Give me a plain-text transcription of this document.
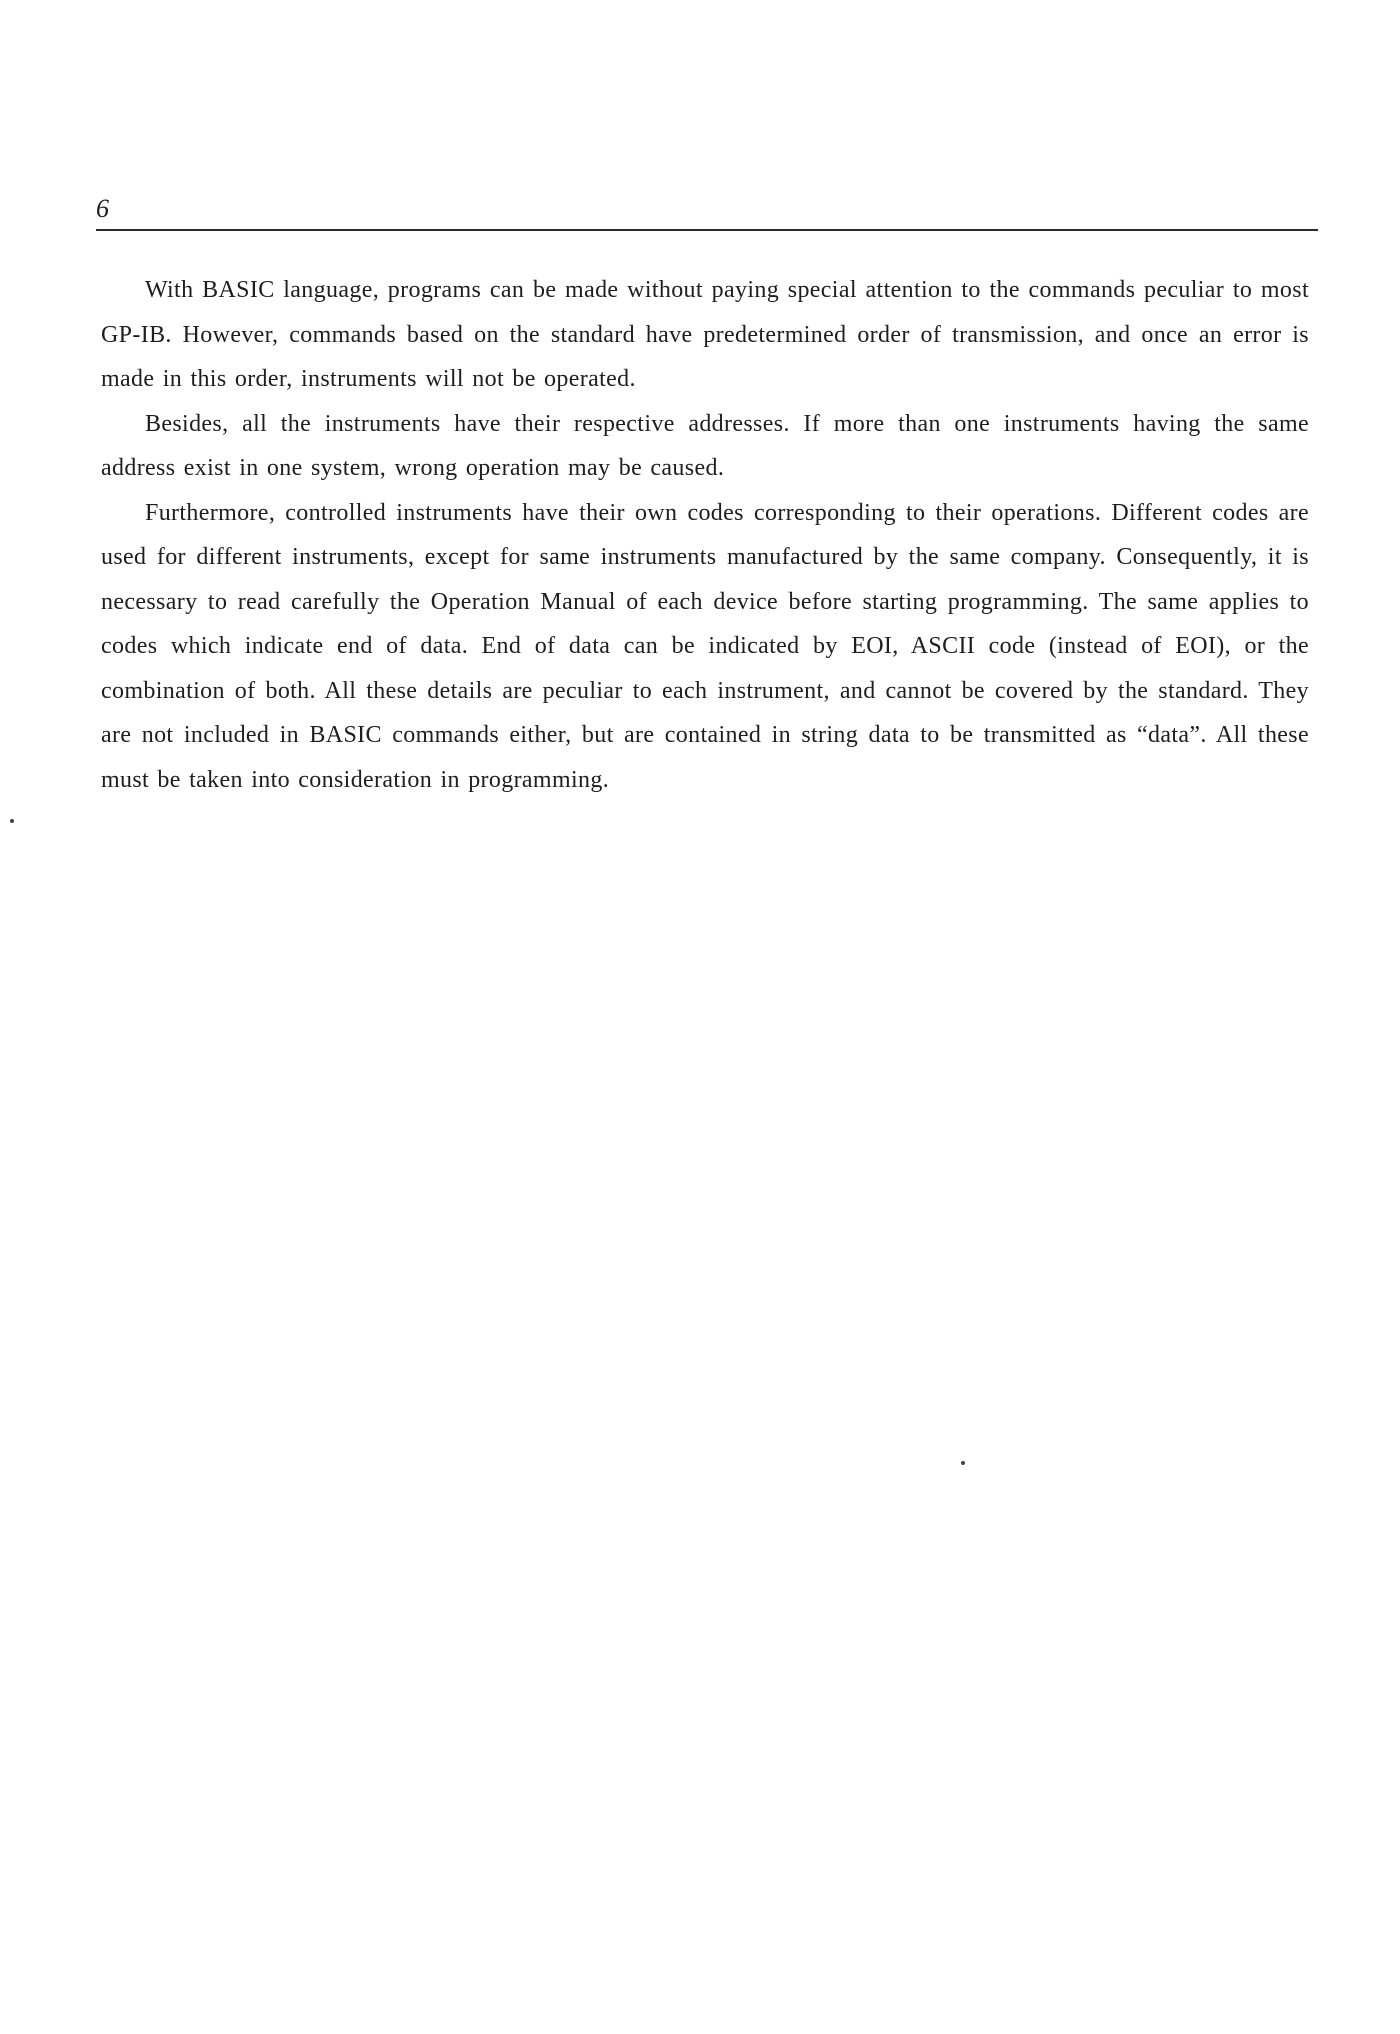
6

With BASIC language, programs can be made without paying special attention to the commands peculiar to most GP-IB. However, commands based on the standard have predetermined order of transmission, and once an error is made in this order, instruments will not be operated.

Besides, all the instruments have their respective addresses. If more than one instruments having the same address exist in one system, wrong operation may be caused.

Furthermore, controlled instruments have their own codes corresponding to their operations. Different codes are used for different instruments, except for same instruments manufactured by the same company. Consequently, it is necessary to read carefully the Operation Manual of each device before starting programming. The same applies to codes which indicate end of data. End of data can be indicated by EOI, ASCII code (instead of EOI), or the combination of both. All these details are peculiar to each instrument, and cannot be covered by the standard. They are not included in BASIC commands either, but are contained in string data to be transmitted as “data”. All these must be taken into consideration in programming.
